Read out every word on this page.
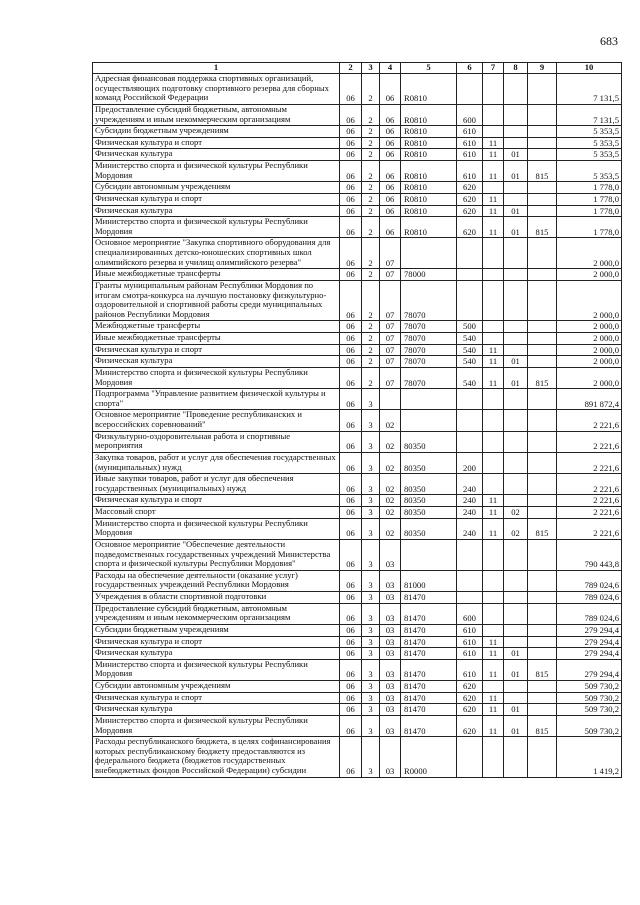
683
1	2	3	4	5	6	7	8	9	10
Адресная финансовая поддержка спортивных организаций, осуществляющих подготовку спортивного резерва для сборных команд Российской Федерации	06	2	06	R0810					7 131,5
Предоставление субсидий бюджетным, автономным учреждениям и иным некоммерческим организациям	06	2	06	R0810	600				7 131,5
Субсидии бюджетным учреждениям	06	2	06	R0810	610				5 353,5
Физическая культура и спорт	06	2	06	R0810	610	11			5 353,5
Физическая культура	06	2	06	R0810	610	11	01		5 353,5
Министерство спорта и физической культуры Республики Мордовия	06	2	06	R0810	610	11	01	815	5 353,5
Субсидии автономным учреждениям	06	2	06	R0810	620				1 778,0
Физическая культура и спорт	06	2	06	R0810	620	11			1 778,0
Физическая культура	06	2	06	R0810	620	11	01		1 778,0
Министерство спорта и физической культуры Республики Мордовия	06	2	06	R0810	620	11	01	815	1 778,0
Основное мероприятие "Закупка спортивного оборудования для специализированных детско-юношеских спортивных школ олимпийского резерва и училищ олимпийского резерва"	06	2	07						2 000,0
Иные межбюджетные трансферты	06	2	07	78000					2 000,0
Гранты муниципальным районам Республики Мордовия по итогам смотра-конкурса на лучшую постановку физкультурно-оздоровительной и спортивной работы среди муниципальных районов Республики Мордовия	06	2	07	78070					2 000,0
Межбюджетные трансферты	06	2	07	78070	500				2 000,0
Иные межбюджетные трансферты	06	2	07	78070	540				2 000,0
Физическая культура и спорт	06	2	07	78070	540	11			2 000,0
Физическая культура	06	2	07	78070	540	11	01		2 000,0
Министерство спорта и физической культуры Республики Мордовия	06	2	07	78070	540	11	01	815	2 000,0
Подпрограмма "Управление развитием физической культуры и спорта"	06	3							891 872,4
Основное мероприятие "Проведение республиканских и всероссийских соревнований"	06	3	02						2 221,6
Физкультурно-оздоровительная работа и спортивные мероприятия	06	3	02	80350					2 221,6
Закупка товаров, работ и услуг для обеспечения государственных (муниципальных) нужд	06	3	02	80350	200				2 221,6
Иные закупки товаров, работ и услуг для обеспечения государственных (муниципальных) нужд	06	3	02	80350	240				2 221,6
Физическая культура и спорт	06	3	02	80350	240	11			2 221,6
Массовый спорт	06	3	02	80350	240	11	02		2 221,6
Министерство спорта и физической культуры Республики Мордовия	06	3	02	80350	240	11	02	815	2 221,6
Основное мероприятие "Обеспечение деятельности подведомственных государственных учреждений Министерства спорта и физической культуры Республики Мордовия"	06	3	03						790 443,8
Расходы на обеспечение деятельности (оказание услуг) государственных учреждений Республики Мордовия	06	3	03	81000					789 024,6
Учреждения в области спортивной подготовки	06	3	03	81470					789 024,6
Предоставление субсидий бюджетным, автономным учреждениям и иным некоммерческим организациям	06	3	03	81470	600				789 024,6
Субсидии бюджетным учреждениям	06	3	03	81470	610				279 294,4
Физическая культура и спорт	06	3	03	81470	610	11			279 294,4
Физическая культура	06	3	03	81470	610	11	01		279 294,4
Министерство спорта и физической культуры Республики Мордовия	06	3	03	81470	610	11	01	815	279 294,4
Субсидии автономным учреждениям	06	3	03	81470	620				509 730,2
Физическая культура и спорт	06	3	03	81470	620	11			509 730,2
Физическая культура	06	3	03	81470	620	11	01		509 730,2
Министерство спорта и физической культуры Республики Мордовия	06	3	03	81470	620	11	01	815	509 730,2
Расходы республиканского бюджета, в целях софинансирования которых республиканскому бюджету предоставляются из федерального бюджета (бюджетов государственных внебюджетных фондов Российской Федерации) субсидии	06	3	03	R0000					1 419,2
